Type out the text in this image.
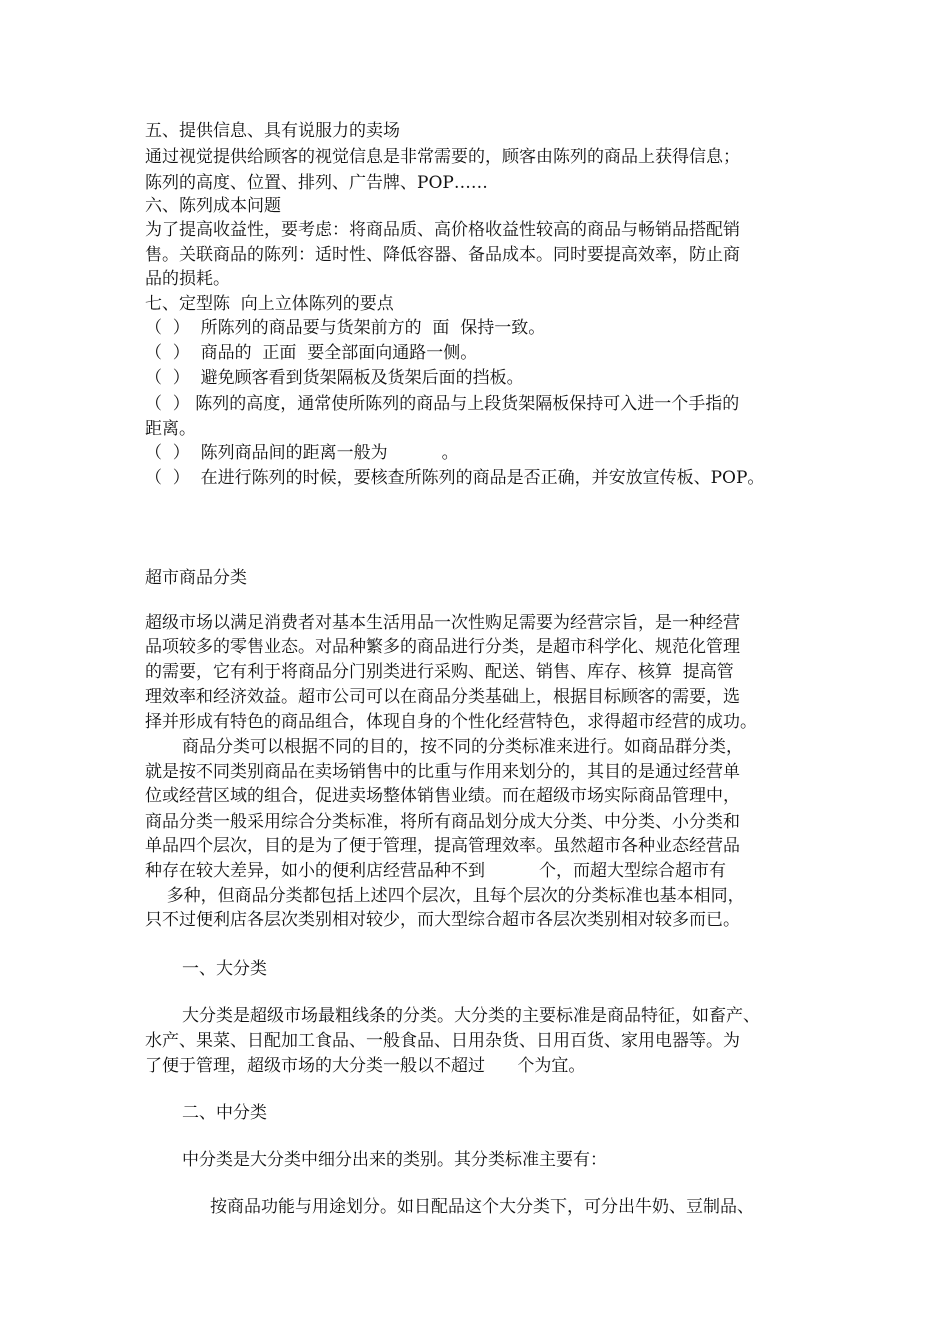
五、提供信息、具有说服力的卖场
通过视觉提供给顾客的视觉信息是非常需要的，顾客由陈列的商品上获得信息；
陈列的高度、位置、排列、广告牌、POP……
六、陈列成本问题
为了提高收益性，要考虑：将商品质、高价格收益性较高的商品与畅销品搭配销
售。关联商品的陈列：适时性、降低容器、备品成本。同时要提高效率，防止商
品的损耗。
七、定型陈  向上立体陈列的要点
（  ）  所陈列的商品要与货架前方的  面  保持一致。
（  ）  商品的  正面  要全部面向通路一侧。
（  ）  避免顾客看到货架隔板及货架后面的挡板。
（  ） 陈列的高度，通常使所陈列的商品与上段货架隔板保持可入进一个手指的
距离。
（  ）  陈列商品间的距离一般为          。
（  ）  在进行陈列的时候，要核查所陈列的商品是否正确，并安放宣传板、POP。
超市商品分类
超级市场以满足消费者对基本生活用品一次性购足需要为经营宗旨，是一种经营
品项较多的零售业态。对品种繁多的商品进行分类，是超市科学化、规范化管理
的需要，它有利于将商品分门别类进行采购、配送、销售、库存、核算  提高管
理效率和经济效益。超市公司可以在商品分类基础上，根据目标顾客的需要，选
择并形成有特色的商品组合，体现自身的个性化经营特色，求得超市经营的成功。
商品分类可以根据不同的目的，按不同的分类标准来进行。如商品群分类，
就是按不同类别商品在卖场销售中的比重与作用来划分的，其目的是通过经营单
位或经营区域的组合，促进卖场整体销售业绩。而在超级市场实际商品管理中，
商品分类一般采用综合分类标准，将所有商品划分成大分类、中分类、小分类和
单品四个层次，目的是为了便于管理，提高管理效率。虽然超市各种业态经营品
种存在较大差异，如小的便利店经营品种不到          个，而超大型综合超市有
多种，但商品分类都包括上述四个层次，且每个层次的分类标准也基本相同，
只不过便利店各层次类别相对较少，而大型综合超市各层次类别相对较多而已。
一、大分类
大分类是超级市场最粗线条的分类。大分类的主要标准是商品特征，如畜产、
水产、果菜、日配加工食品、一般食品、日用杂货、日用百货、家用电器等。为
了便于管理，超级市场的大分类一般以不超过      个为宜。
二、中分类
中分类是大分类中细分出来的类别。其分类标准主要有：
按商品功能与用途划分。如日配品这个大分类下，可分出牛奶、豆制品、
